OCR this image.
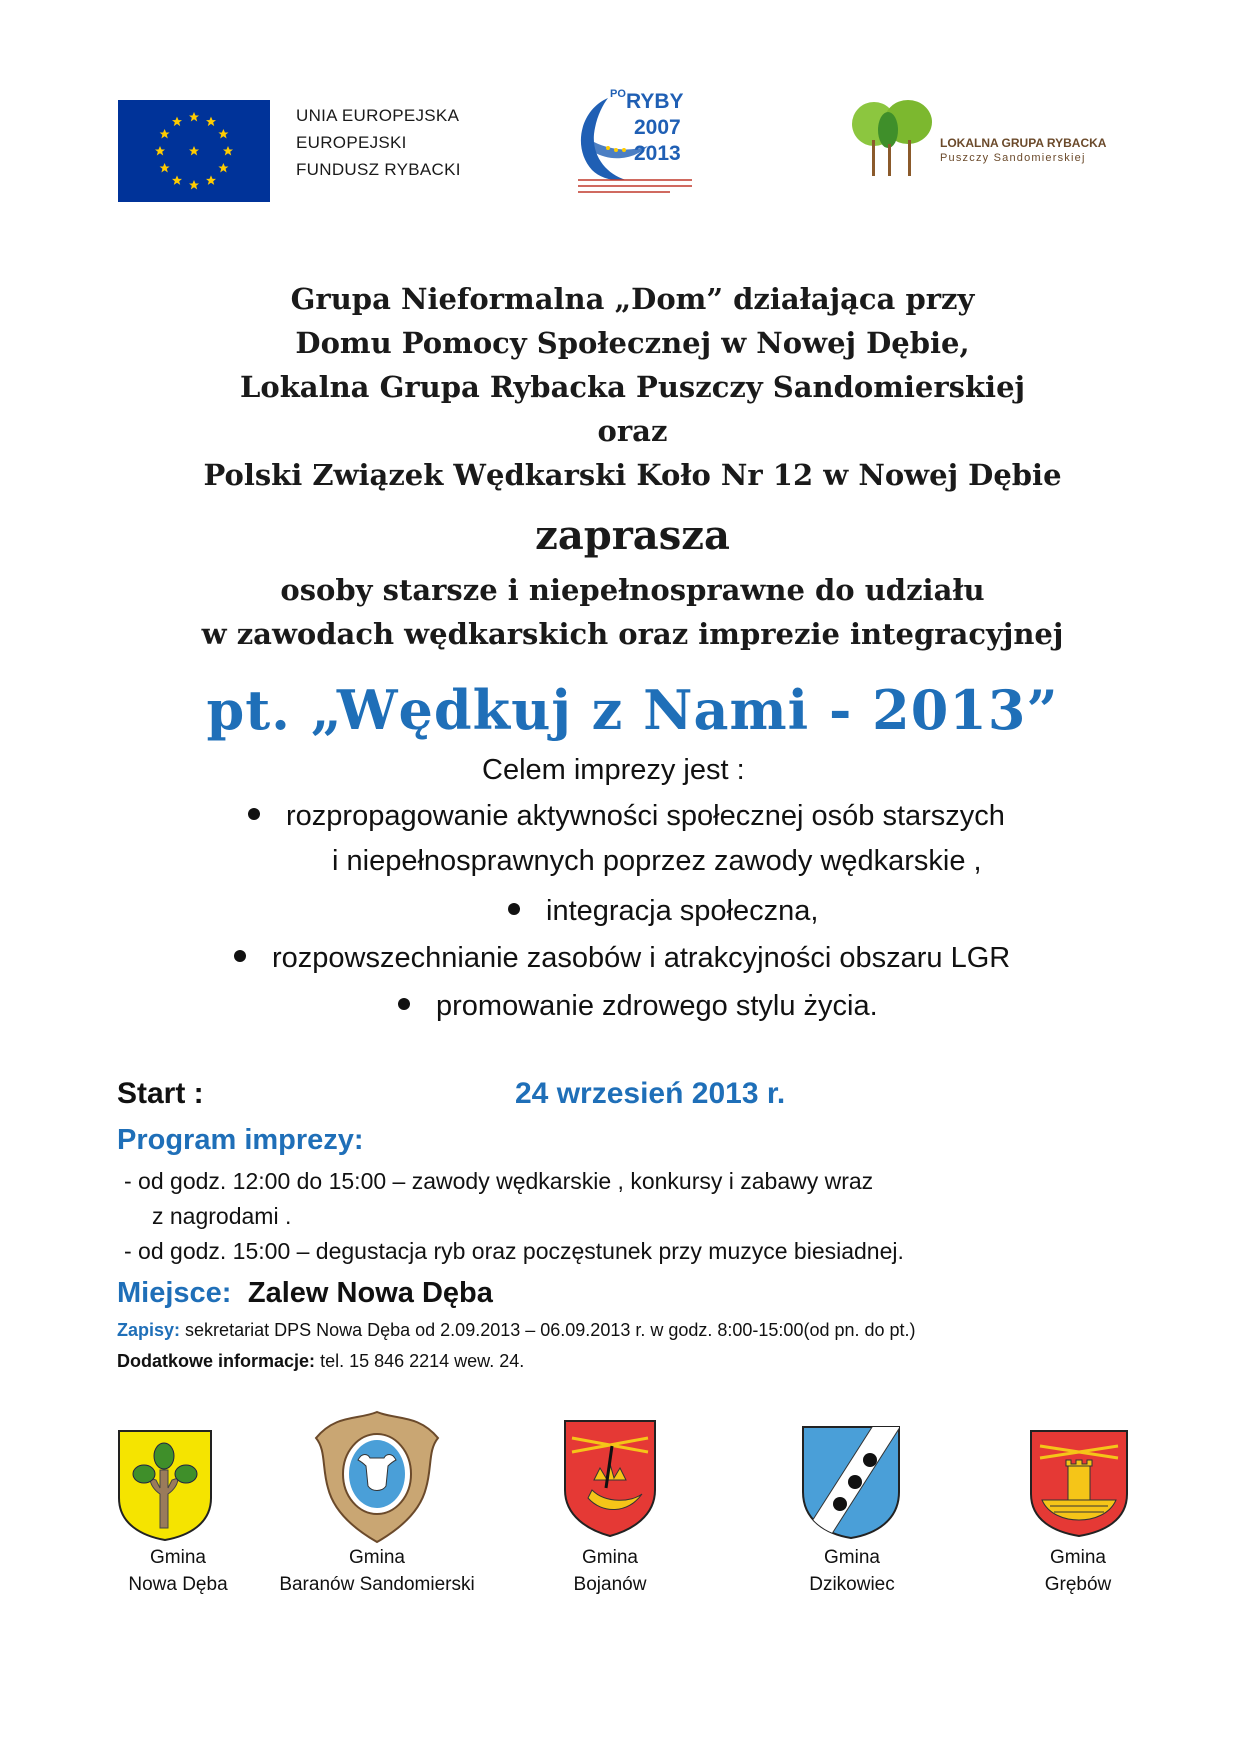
UNIA EUROPEJSKA
EUROPEJSKI
FUNDUSZ RYBACKI
PO RYBY
2007
2013	LOKALNA GRUPA RYBACKA
Puszczy Sandomierskiej
Grupa Nieformalna „Dom” działająca przy
Domu Pomocy Społecznej w Nowej Dębie,
Lokalna Grupa Rybacka Puszczy Sandomierskiej
oraz
Polski Związek Wędkarski Koło Nr 12 w Nowej Dębie
zaprasza
osoby starsze i niepełnosprawne do udziału
w zawodach wędkarskich oraz imprezie integracyjnej
pt. „Wędkuj z Nami - 2013”
Celem imprezy jest :
rozpropagowanie aktywności społecznej osób starszych
i niepełnosprawnych poprzez zawody wędkarskie ,
integracja społeczna,
rozpowszechnianie zasobów i atrakcyjności obszaru LGR
promowanie zdrowego stylu życia.
Start :	24 wrzesień 2013 r.
Program imprezy:
- od godz. 12:00 do 15:00 – zawody wędkarskie , konkursy i zabawy wraz
z nagrodami .
- od godz. 15:00 – degustacja ryb oraz poczęstunek przy muzyce biesiadnej.
Miejsce: Zalew Nowa Dęba
Zapisy: sekretariat DPS Nowa Dęba od 2.09.2013 – 06.09.2013 r. w godz. 8:00-15:00(od pn. do pt.)
Dodatkowe informacje: tel. 15 846 2214 wew. 24.
Gmina
Nowa Dęba
Gmina
Baranów Sandomierski
Gmina
Bojanów
Gmina
Dzikowiec
Gmina
Grębów
